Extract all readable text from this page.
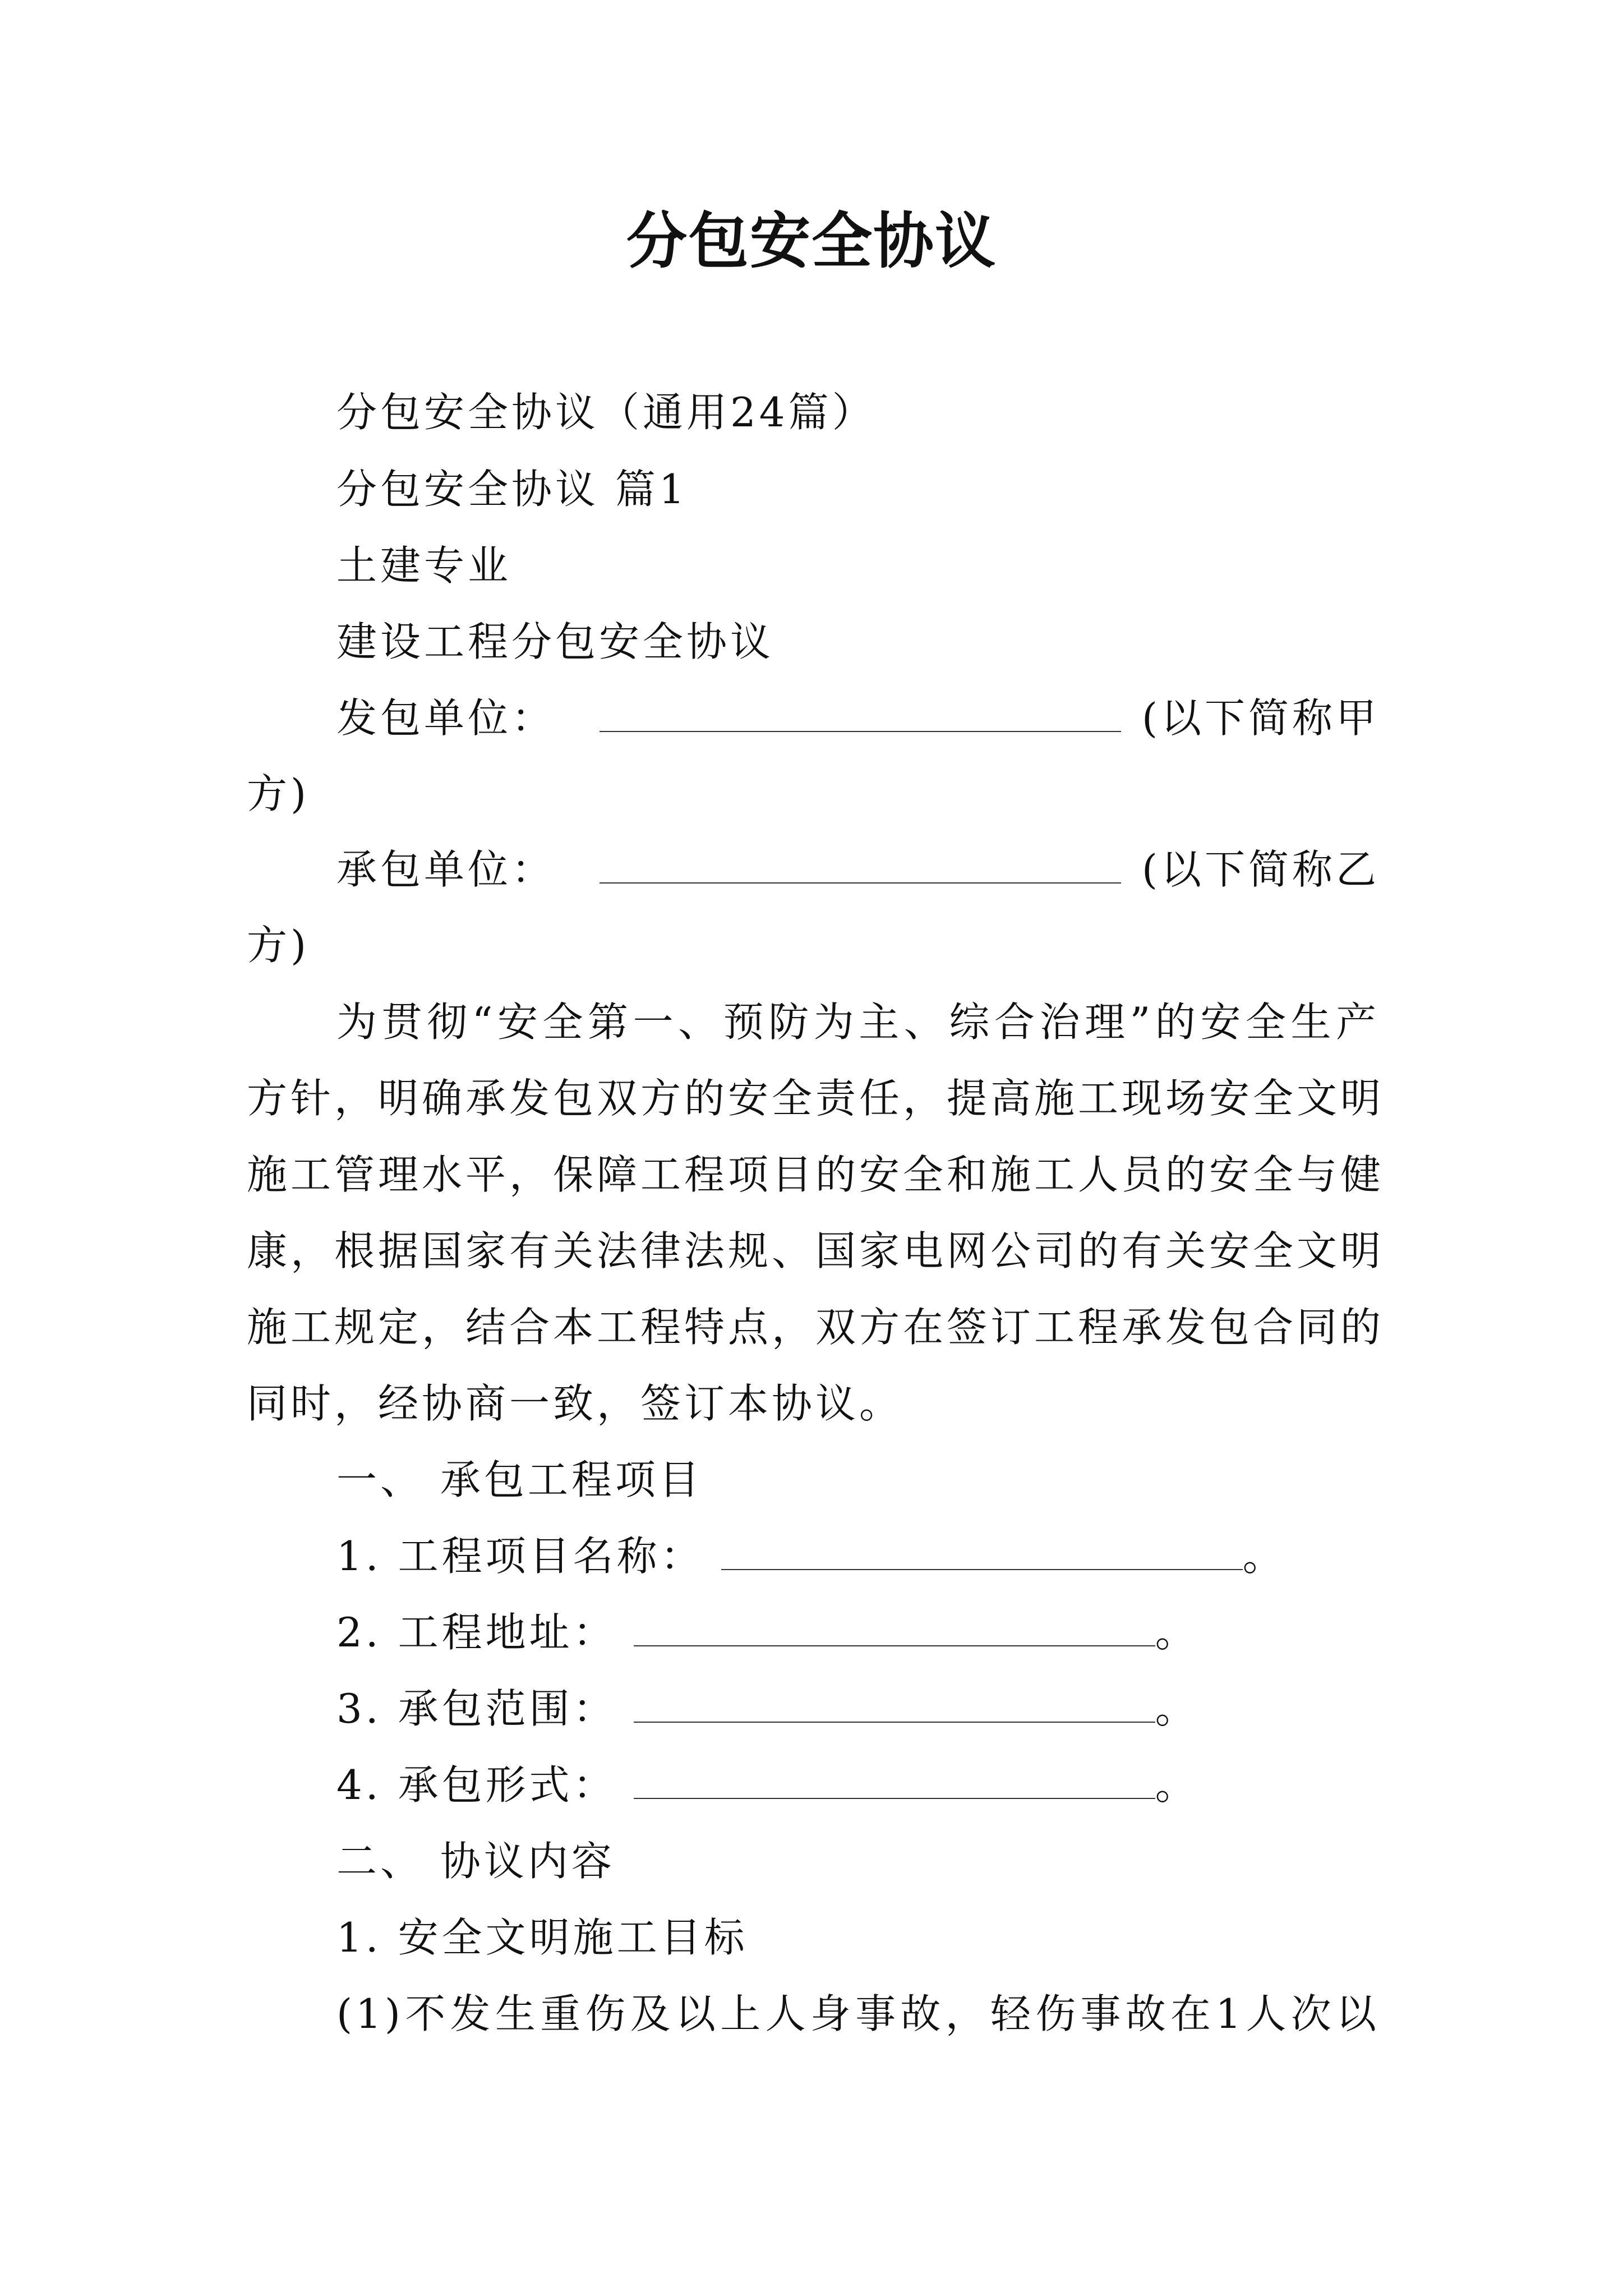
分包安全协议
分包安全协议（通用24篇）
分包安全协议 篇1
土建专业
建设工程分包安全协议
发包单位：	(以下简称甲
方)
承包单位：	(以下简称乙
方)
为贯彻“安全第一、预防为主、综合治理”的安全生产
方针，明确承发包双方的安全责任，提高施工现场安全文明
施工管理水平，保障工程项目的安全和施工人员的安全与健
康，根据国家有关法律法规、国家电网公司的有关安全文明
施工规定，结合本工程特点，双方在签订工程承发包合同的
同时，经协商一致，签订本协议。
一、 承包工程项目
1. 工程项目名称：	。
2. 工程地址：	。
3. 承包范围：	。
4. 承包形式：	。
二、 协议内容
1. 安全文明施工目标
(1)不发生重伤及以上人身事故，轻伤事故在1人次以
